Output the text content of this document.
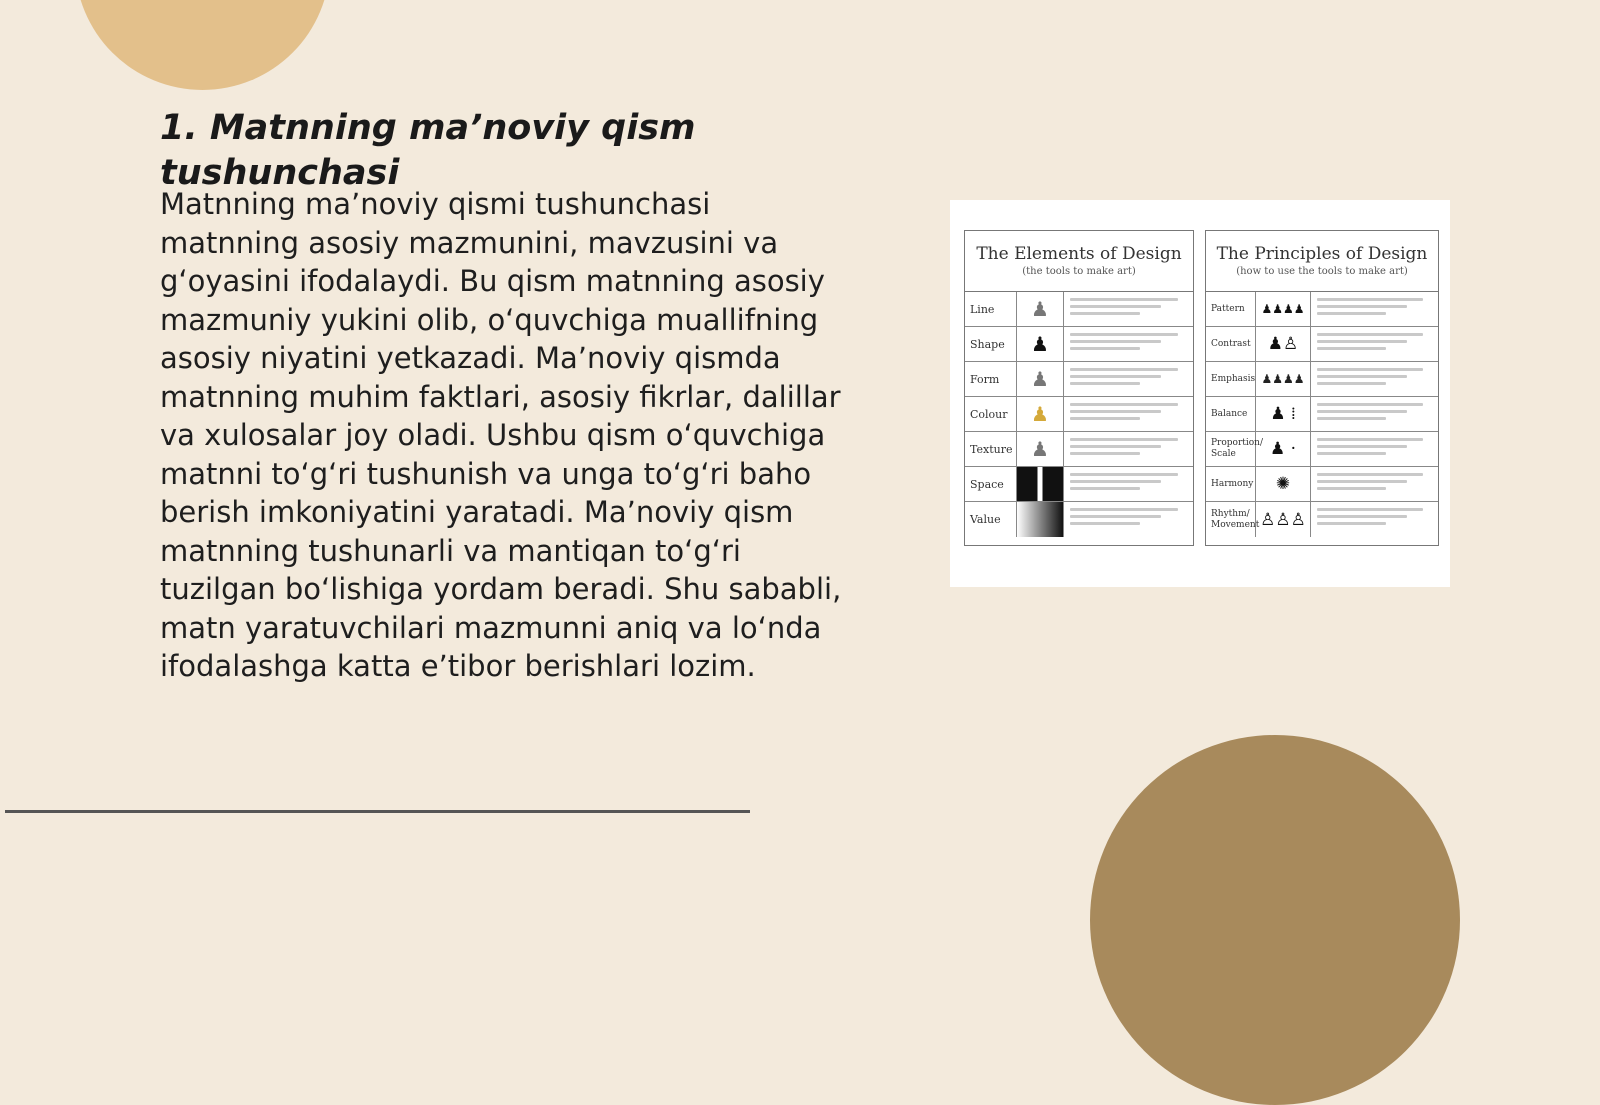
1. Matnning ma’noviy qism tushunchasi

Matnning ma’noviy qismi tushunchasi matnning asosiy mazmunini, mavzusini va g‘oyasini ifodalaydi. Bu qism matnning asosiy mazmuniy yukini olib, o‘quvchiga muallifning asosiy niyatini yetkazadi. Ma’noviy qismda matnning muhim faktlari, asosiy fikrlar, dalillar va xulosalar joy oladi. Ushbu qism o‘quvchiga matnni to‘g‘ri tushunish va unga to‘g‘ri baho berish imkoniyatini yaratadi. Ma’noviy qism matnning tushunarli va mantiqan to‘g‘ri tuzilgan bo‘lishiga yordam beradi. Shu sababli, matn yaratuvchilari mazmunni aniq va lo‘nda ifodalashga katta e’tibor berishlari lozim.

The Elements of Design
(the tools to make art)
Line	♟
Shape	♟
Form	♟
Colour	♟
Texture ♟
Space
Value
The Principles of Design
(how to use the tools to make art)
Pattern	♟♟♟♟
Contrast	♟♙
Emphasis ♟♟♟♟
Balance	♟ ⁞
Proportion/ Scale	♟ ·
Harmony	✺
Rhythm/ Movement ♙♙♙
